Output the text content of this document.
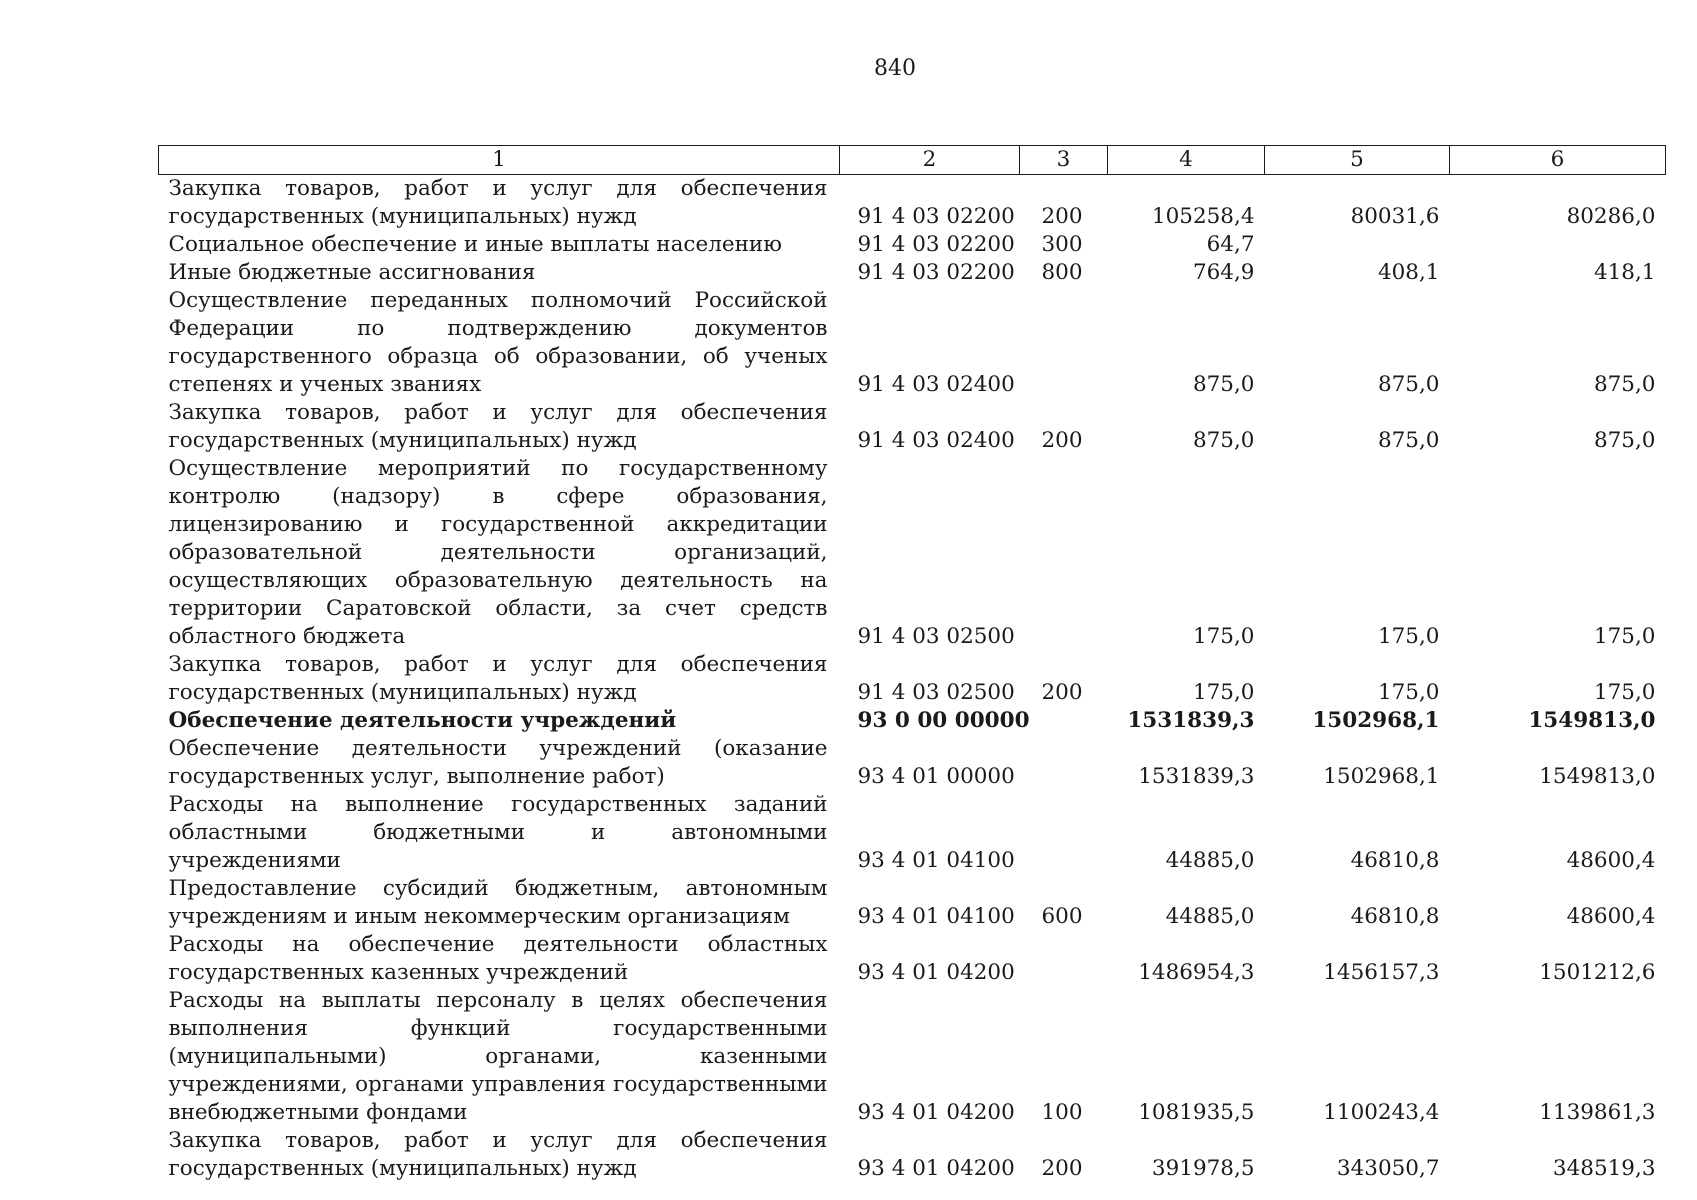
840
1	2	3	4	5	6
Закупка товаров, работ и услуг для обеспечения государственных (муниципальных) нужд	91 4 03 02200	200	105258,4	80031,6	80286,0
Социальное обеспечение и иные выплаты населению	91 4 03 02200	300	64,7		
Иные бюджетные ассигнования	91 4 03 02200	800	764,9	408,1	418,1
Осуществление переданных полномочий Российской Федерации по подтверждению документов государственного образца об образовании, об ученых степенях и ученых званиях	91 4 03 02400		875,0	875,0	875,0
Закупка товаров, работ и услуг для обеспечения государственных (муниципальных) нужд	91 4 03 02400	200	875,0	875,0	875,0
Осуществление мероприятий по государственному контролю (надзору) в сфере образования, лицензированию и государственной аккредитации образовательной деятельности организаций, осуществляющих образовательную деятельность на территории Саратовской области, за счет средств областного бюджета	91 4 03 02500		175,0	175,0	175,0
Закупка товаров, работ и услуг для обеспечения государственных (муниципальных) нужд	91 4 03 02500	200	175,0	175,0	175,0
Обеспечение деятельности учреждений	93 0 00 00000		1531839,3	1502968,1	1549813,0
Обеспечение деятельности учреждений (оказание государственных услуг, выполнение работ)	93 4 01 00000		1531839,3	1502968,1	1549813,0
Расходы на выполнение государственных заданий областными бюджетными и автономными учреждениями	93 4 01 04100		44885,0	46810,8	48600,4
Предоставление субсидий бюджетным, автономным учреждениям и иным некоммерческим организациям	93 4 01 04100	600	44885,0	46810,8	48600,4
Расходы на обеспечение деятельности областных государственных казенных учреждений	93 4 01 04200		1486954,3	1456157,3	1501212,6
Расходы на выплаты персоналу в целях обеспечения выполнения функций государственными (муниципальными) органами, казенными учреждениями, органами управления государственными внебюджетными фондами	93 4 01 04200	100	1081935,5	1100243,4	1139861,3
Закупка товаров, работ и услуг для обеспечения государственных (муниципальных) нужд	93 4 01 04200	200	391978,5	343050,7	348519,3
